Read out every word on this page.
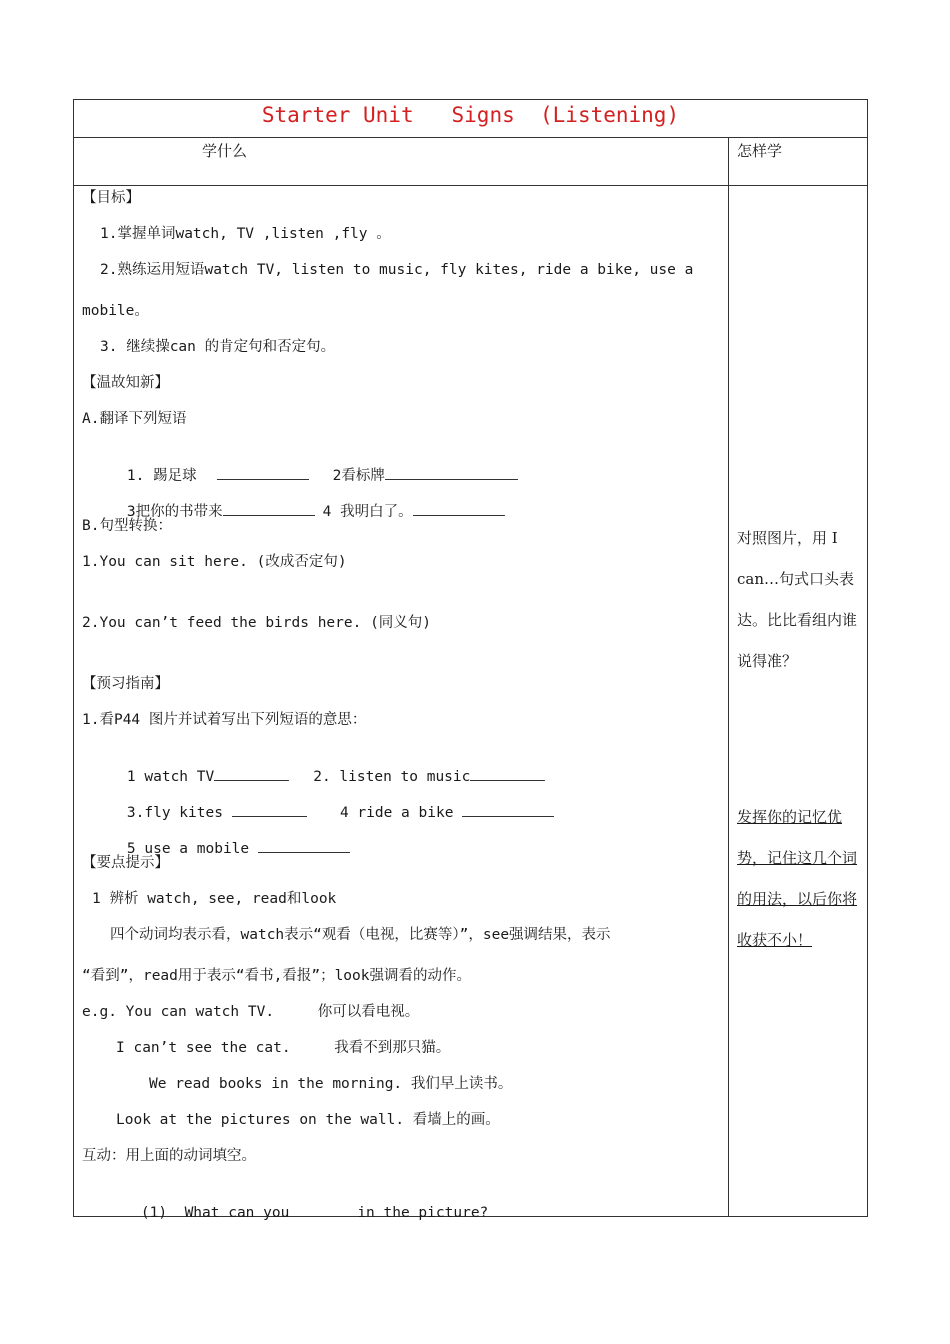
Starter Unit   Signs  (Listening)
学什么	怎样学
【目标】
1.掌握单词watch, TV ,listen ,fly 。
2.熟练运用短语watch TV, listen to music, fly kites, ride a bike, use a
mobile。
3. 继续操can 的肯定句和否定句。
【温故知新】
A.翻译下列短语

1. 踢足球	2看标牌

3把你的书带来	4 我明白了。

B.句型转换：
1.You can sit here. (改成否定句)
2.You can’t feed the birds here. (同义句)
【预习指南】
1.看P44 图片并试着写出下列短语的意思：

1 watch TV	2. listen to music

3.fly kites	4 ride a bike

5 use a mobile

【要点提示】
1 辨析 watch, see, read和look
四个动词均表示看，watch表示“观看（电视，比赛等）”，see强调结果，表示
“看到”，read用于表示“看书,看报”；look强调看的动作。
e.g. You can watch TV.     你可以看电视。
I can’t see the cat.     我看不到那只猫。
We read books in the morning. 我们早上读书。
Look at the pictures on the wall. 看墙上的画。
互动：用上面的动词填空。

(1)  What can you	in the picture?

对照图片，用 I can…句式口头表达。比比看组内谁说得准？
发挥你的记忆优势，记住这几个词的用法，以后你将收获不小！
